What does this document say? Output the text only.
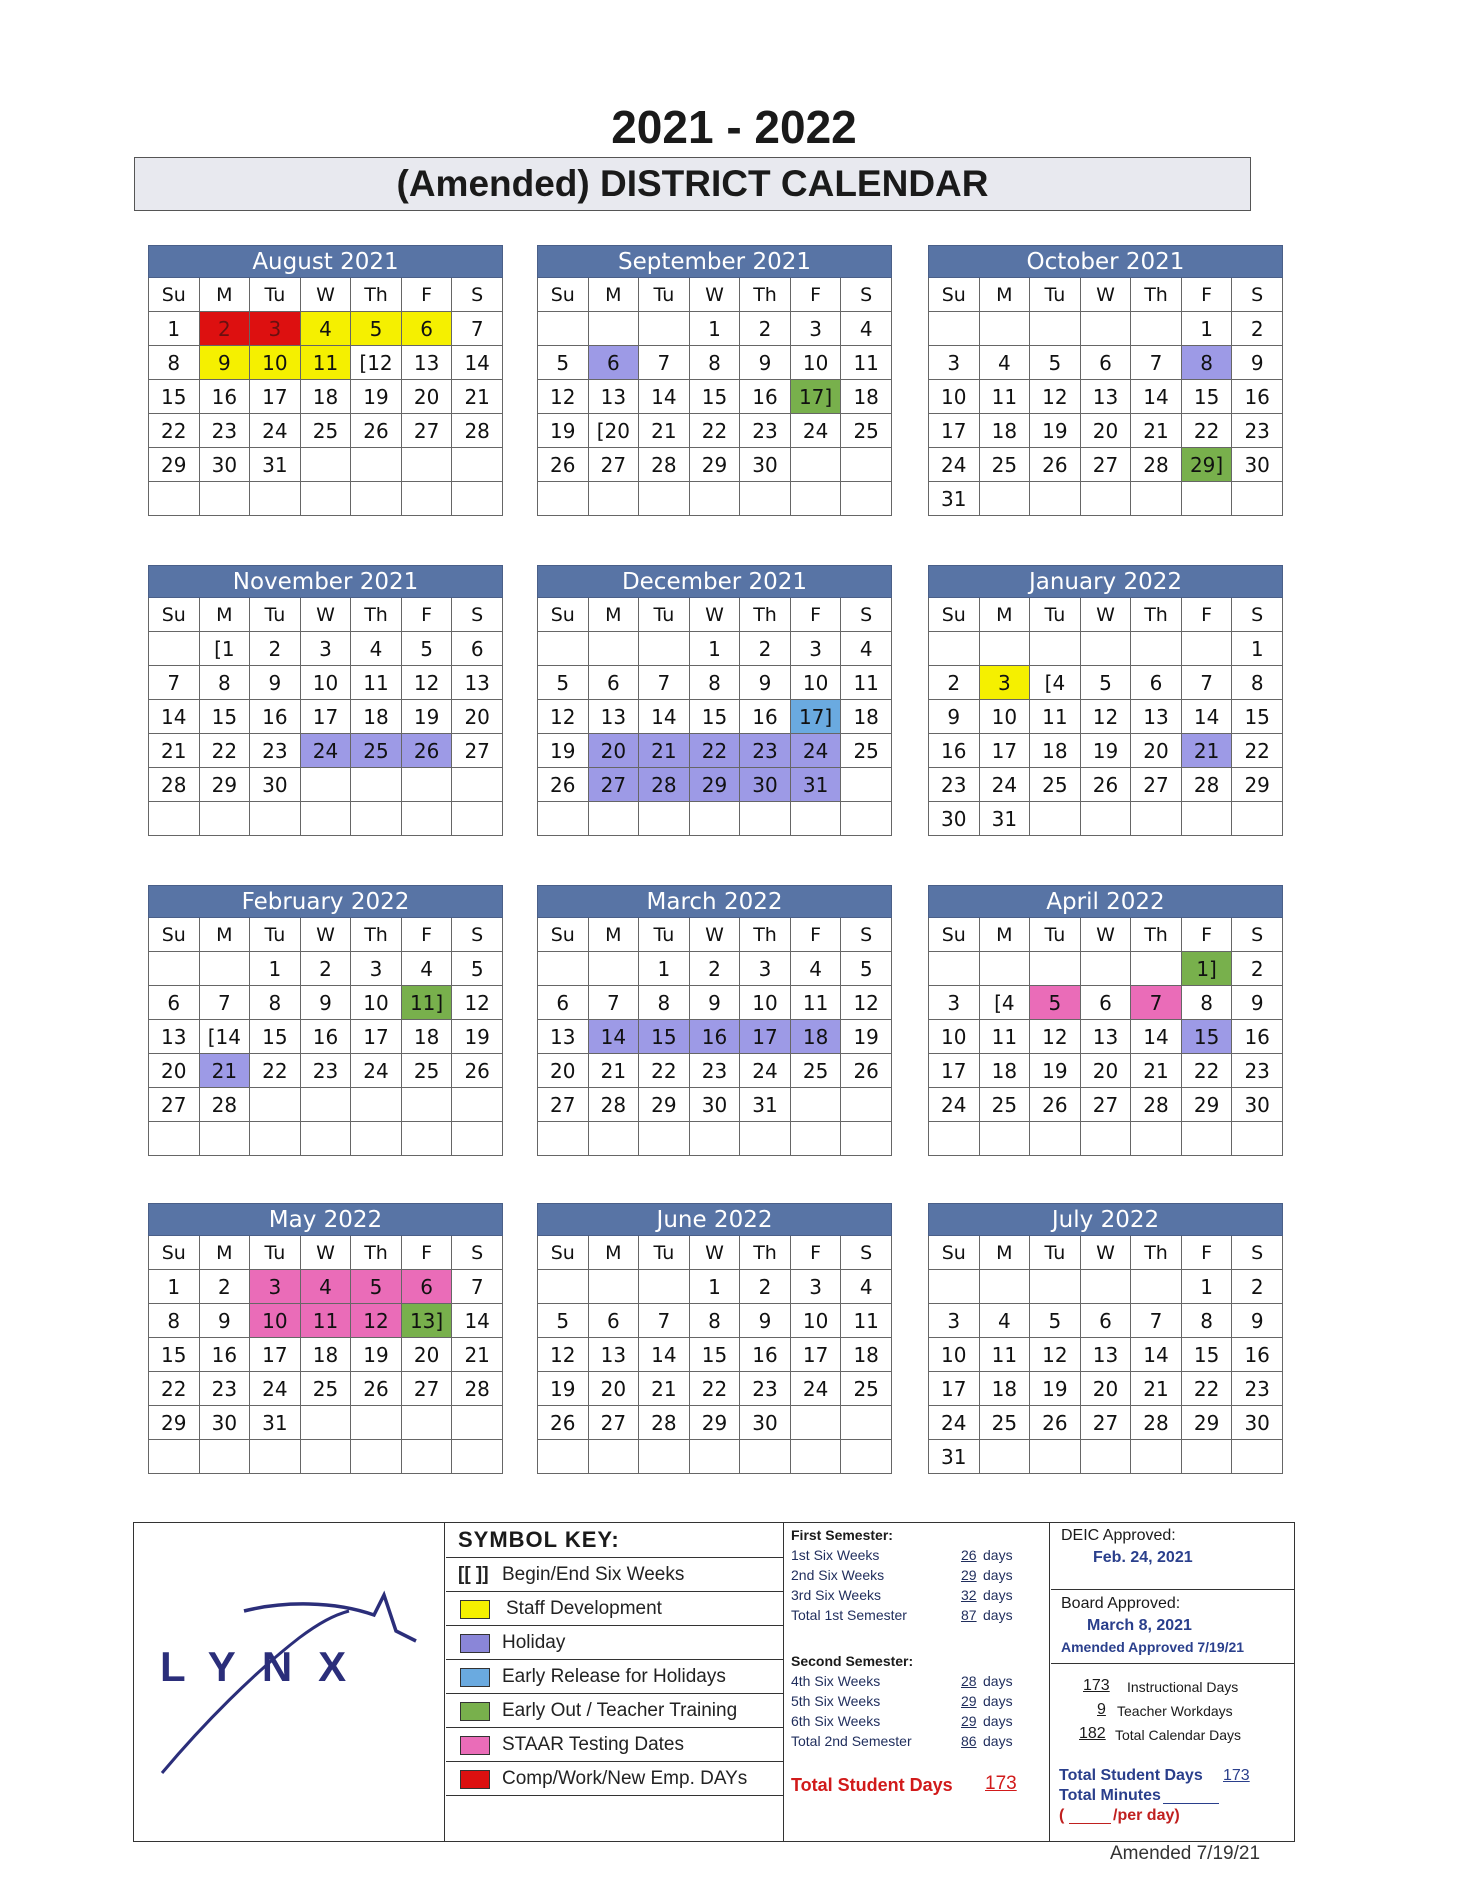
2021 - 2022
(Amended) DISTRICT CALENDAR
August 2021						
Su	M	Tu	W	Th	F	S
1	2	3	4	5	6	7
8	9	10	11	[12	13	14
15	16	17	18	19	20	21
22	23	24	25	26	27	28
29	30	31				

September 2021						
Su	M	Tu	W	Th	F	S
			1	2	3	4
5	6	7	8	9	10	11
12	13	14	15	16	17]	18
19	[20	21	22	23	24	25
26	27	28	29	30		

October 2021						
Su	M	Tu	W	Th	F	S
					1	2
3	4	5	6	7	8	9
10	11	12	13	14	15	16
17	18	19	20	21	22	23
24	25	26	27	28	29]	30
31						
November 2021						
Su	M	Tu	W	Th	F	S
	[1	2	3	4	5	6
7	8	9	10	11	12	13
14	15	16	17	18	19	20
21	22	23	24	25	26	27
28	29	30				

December 2021						
Su	M	Tu	W	Th	F	S
			1	2	3	4
5	6	7	8	9	10	11
12	13	14	15	16	17]	18
19	20	21	22	23	24	25
26	27	28	29	30	31	

January 2022						
Su	M	Tu	W	Th	F	S
						1
2	3	[4	5	6	7	8
9	10	11	12	13	14	15
16	17	18	19	20	21	22
23	24	25	26	27	28	29
30	31					
February 2022						
Su	M	Tu	W	Th	F	S
		1	2	3	4	5
6	7	8	9	10	11]	12
13	[14	15	16	17	18	19
20	21	22	23	24	25	26
27	28					

March 2022						
Su	M	Tu	W	Th	F	S
		1	2	3	4	5
6	7	8	9	10	11	12
13	14	15	16	17	18	19
20	21	22	23	24	25	26
27	28	29	30	31		

April 2022						
Su	M	Tu	W	Th	F	S
					1]	2
3	[4	5	6	7	8	9
10	11	12	13	14	15	16
17	18	19	20	21	22	23
24	25	26	27	28	29	30

May 2022						
Su	M	Tu	W	Th	F	S
1	2	3	4	5	6	7
8	9	10	11	12	13]	14
15	16	17	18	19	20	21
22	23	24	25	26	27	28
29	30	31				

June 2022						
Su	M	Tu	W	Th	F	S
			1	2	3	4
5	6	7	8	9	10	11
12	13	14	15	16	17	18
19	20	21	22	23	24	25
26	27	28	29	30		

July 2022						
Su	M	Tu	W	Th	F	S
					1	2
3	4	5	6	7	8	9
10	11	12	13	14	15	16
17	18	19	20	21	22	23
24	25	26	27	28	29	30
31						
LYNX
SYMBOL KEY:
[[ ]] Begin/End Six Weeks
Staff Development
Holiday
Early Release for Holidays
Early Out / Teacher Training
STAAR Testing Dates
Comp/Work/New Emp. DAYs
First Semester:
1st Six Weeks	26 days
2nd Six Weeks	29 days
3rd Six Weeks	32 days
Total 1st Semester	87 days
Second Semester:
4th Six Weeks	28 days
5th Six Weeks	29 days
6th Six Weeks	29 days
Total 2nd Semester	86 days
Total Student Days 173
DEIC Approved:
Feb. 24, 2021
Board Approved:
March 8, 2021
Amended Approved 7/19/21
173 Instructional Days
9 Teacher Workdays
182 Total Calendar Days
Total Student Days 173
Total Minutes
(	/per day)
Amended 7/19/21
